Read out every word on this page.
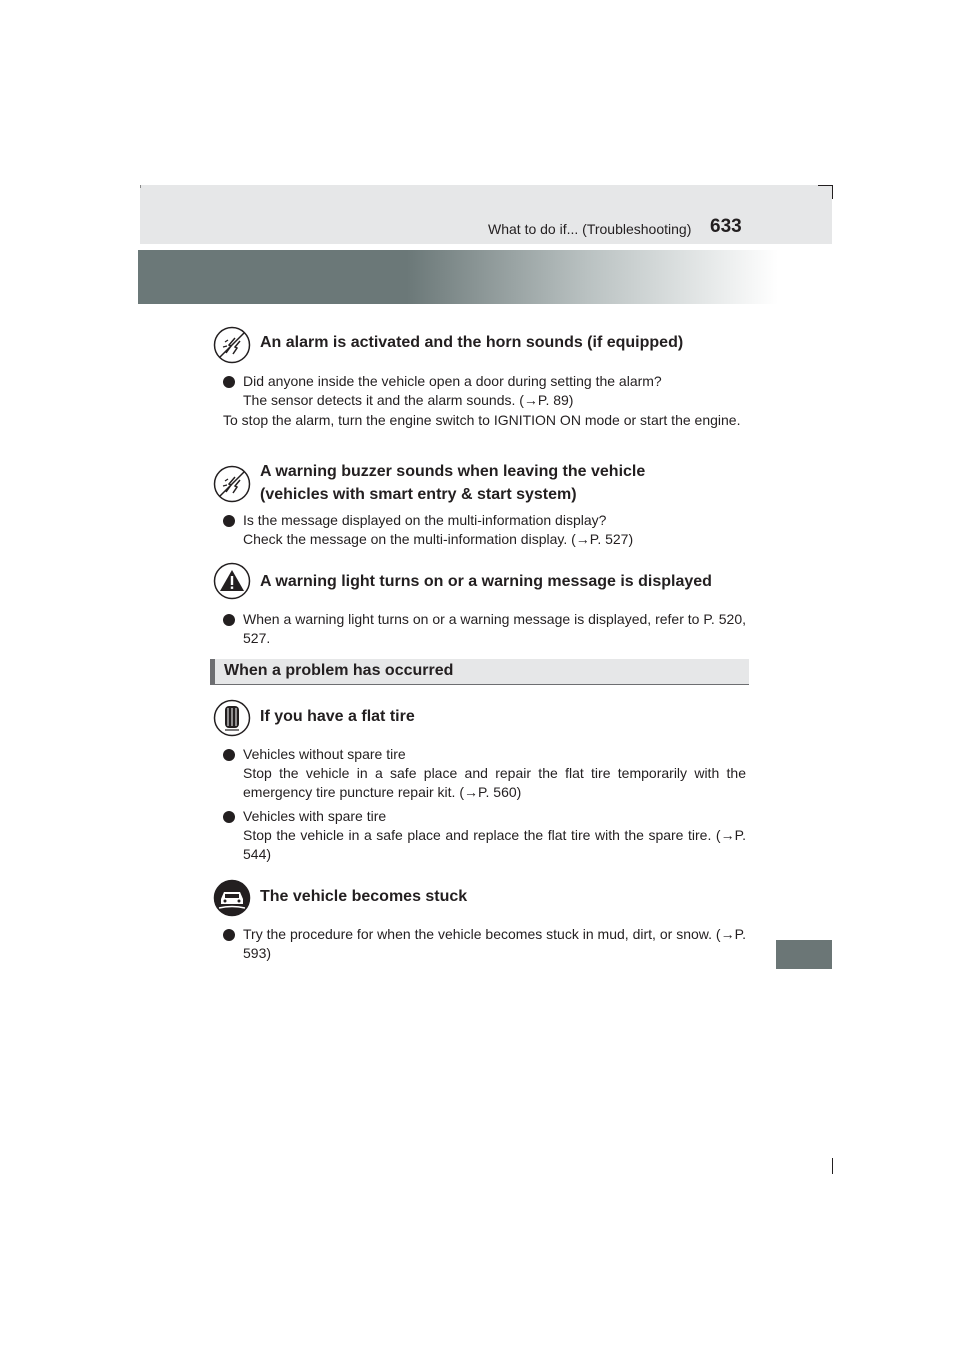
What to do if... (Troubleshooting) 633
An alarm is activated and the horn sounds (if equipped)
Did anyone inside the vehicle open a door during setting the alarm?
The sensor detects it and the alarm sounds. (→P. 89)
To stop the alarm, turn the engine switch to IGNITION ON mode or start the engine.
A warning buzzer sounds when leaving the vehicle
(vehicles with smart entry & start system)
Is the message displayed on the multi-information display?
Check the message on the multi-information display. (→P. 527)
A warning light turns on or a warning message is displayed
When a warning light turns on or a warning message is displayed, refer to P. 520, 527.
When a problem has occurred
If you have a flat tire
Vehicles without spare tire
Stop the vehicle in a safe place and repair the flat tire temporarily with the emergency tire puncture repair kit. (→P. 560)
Vehicles with spare tire
Stop the vehicle in a safe place and replace the flat tire with the spare tire. (→P. 544)
The vehicle becomes stuck
Try the procedure for when the vehicle becomes stuck in mud, dirt, or snow. (→P. 593)
